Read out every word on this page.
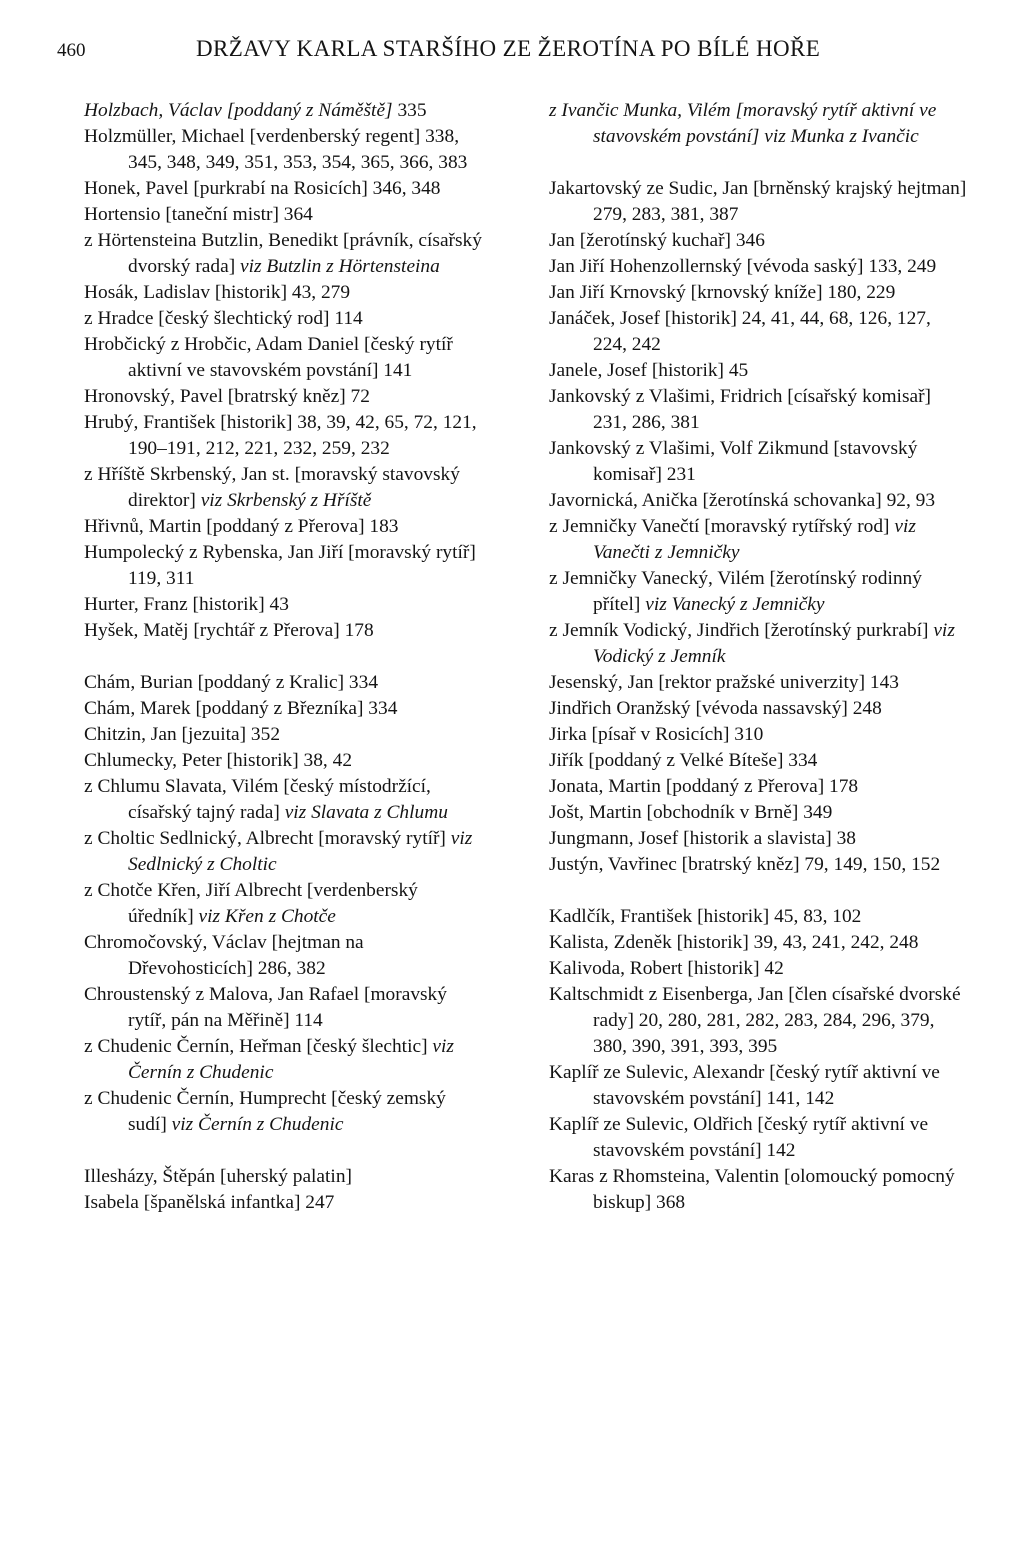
460	DRŽAVY KARLA STARŠÍHO ZE ŽEROTÍNA PO BÍLÉ HOŘE

Holzbach, Václav [poddaný z Náměště] 335

Holzmüller, Michael [verdenberský regent] 338, 345, 348, 349, 351, 353, 354, 365, 366, 383

Honek, Pavel [purkrabí na Rosicích] 346, 348

Hortensio [taneční mistr] 364

z Hörtensteina Butzlin, Benedikt [právník, císařský dvorský rada] viz Butzlin z Hörtensteina

Hosák, Ladislav [historik] 43, 279

z Hradce [český šlechtický rod] 114

Hrobčický z Hrobčic, Adam Daniel [český rytíř aktivní ve stavovském povstání] 141

Hronovský, Pavel [bratrský kněz] 72

Hrubý, František [historik] 38, 39, 42, 65, 72, 121, 190–191, 212, 221, 232, 259, 232

z Hříště Skrbenský, Jan st. [moravský stavovský direktor] viz Skrbenský z Hříště

Hřivnů, Martin [poddaný z Přerova] 183

Humpolecký z Rybenska, Jan Jiří [moravský rytíř] 119, 311

Hurter, Franz [historik] 43

Hyšek, Matěj [rychtář z Přerova] 178

Chám, Burian [poddaný z Kralic] 334

Chám, Marek [poddaný z Březníka] 334

Chitzin, Jan [jezuita] 352

Chlumecky, Peter [historik] 38, 42

z Chlumu Slavata, Vilém [český místodržící, císařský tajný rada] viz Slavata z Chlumu

z Choltic Sedlnický, Albrecht [moravský rytíř] viz Sedlnický z Choltic

z Chotče Křen, Jiří Albrecht [verdenberský úředník] viz Křen z Chotče

Chromočovský, Václav [hejtman na Dřevohosticích] 286, 382

Chroustenský z Malova, Jan Rafael [moravský rytíř, pán na Měřině] 114

z Chudenic Černín, Heřman [český šlechtic] viz Černín z Chudenic

z Chudenic Černín, Humprecht [český zemský sudí] viz Černín z Chudenic

Illesházy, Štěpán [uherský palatin]

Isabela [španělská infantka] 247

z Ivančic Munka, Vilém [moravský rytíř aktivní ve stavovském povstání] viz Munka z Ivančic

Jakartovský ze Sudic, Jan [brněnský krajský hejtman] 279, 283, 381, 387

Jan [žerotínský kuchař] 346

Jan Jiří Hohenzollernský [vévoda saský] 133, 249

Jan Jiří Krnovský [krnovský kníže] 180, 229

Janáček, Josef [historik] 24, 41, 44, 68, 126, 127, 224, 242

Janele, Josef [historik] 45

Jankovský z Vlašimi, Fridrich [císařský komisař] 231, 286, 381

Jankovský z Vlašimi, Volf Zikmund [stavovský komisař] 231

Javornická, Anička [žerotínská schovanka] 92, 93

z Jemničky Vanečtí [moravský rytířský rod] viz Vanečti z Jemničky

z Jemničky Vanecký, Vilém [žerotínský rodinný přítel] viz Vanecký z Jemničky

z Jemník Vodický, Jindřich [žerotínský purkrabí] viz Vodický z Jemník

Jesenský, Jan [rektor pražské univerzity] 143

Jindřich Oranžský [vévoda nassavský] 248

Jirka [písař v Rosicích] 310

Jiřík [poddaný z Velké Bíteše] 334

Jonata, Martin [poddaný z Přerova] 178

Jošt, Martin [obchodník v Brně] 349

Jungmann, Josef [historik a slavista] 38

Justýn, Vavřinec [bratrský kněz] 79, 149, 150, 152

Kadlčík, František [historik] 45, 83, 102

Kalista, Zdeněk [historik] 39, 43, 241, 242, 248

Kalivoda, Robert [historik] 42

Kaltschmidt z Eisenberga, Jan [člen císařské dvorské rady] 20, 280, 281, 282, 283, 284, 296, 379, 380, 390, 391, 393, 395

Kaplíř ze Sulevic, Alexandr [český rytíř aktivní ve stavovském povstání] 141, 142

Kaplíř ze Sulevic, Oldřich [český rytíř aktivní ve stavovském povstání] 142

Karas z Rhomsteina, Valentin [olomoucký pomocný biskup] 368
